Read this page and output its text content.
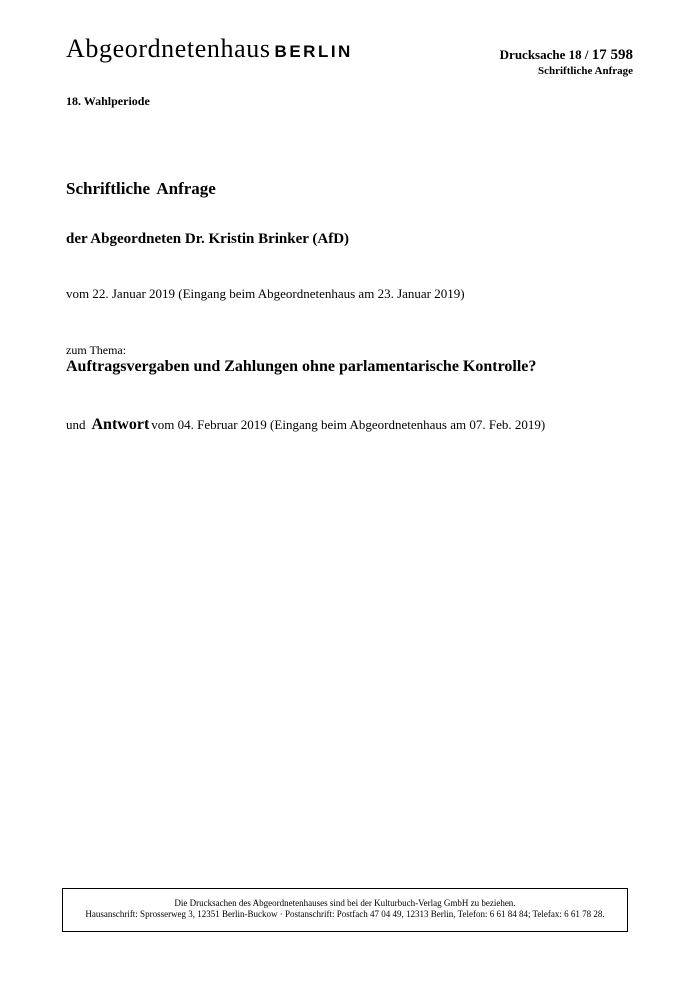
Abgeordnetenhaus BERLIN	Drucksache 18 / 17 598
Schriftliche Anfrage
18. Wahlperiode
Schriftliche Anfrage
der Abgeordneten Dr. Kristin Brinker (AfD)
vom 22. Januar 2019 (Eingang beim Abgeordnetenhaus am 23. Januar 2019)
zum Thema:
Auftragsvergaben und Zahlungen ohne parlamentarische Kontrolle?
und Antwort vom 04. Februar 2019 (Eingang beim Abgeordnetenhaus am 07. Feb. 2019)
Die Drucksachen des Abgeordnetenhauses sind bei der Kulturbuch-Verlag GmbH zu beziehen.
Hausanschrift: Sprosserweg 3, 12351 Berlin-Buckow · Postanschrift: Postfach 47 04 49, 12313 Berlin, Telefon: 6 61 84 84; Telefax: 6 61 78 28.
